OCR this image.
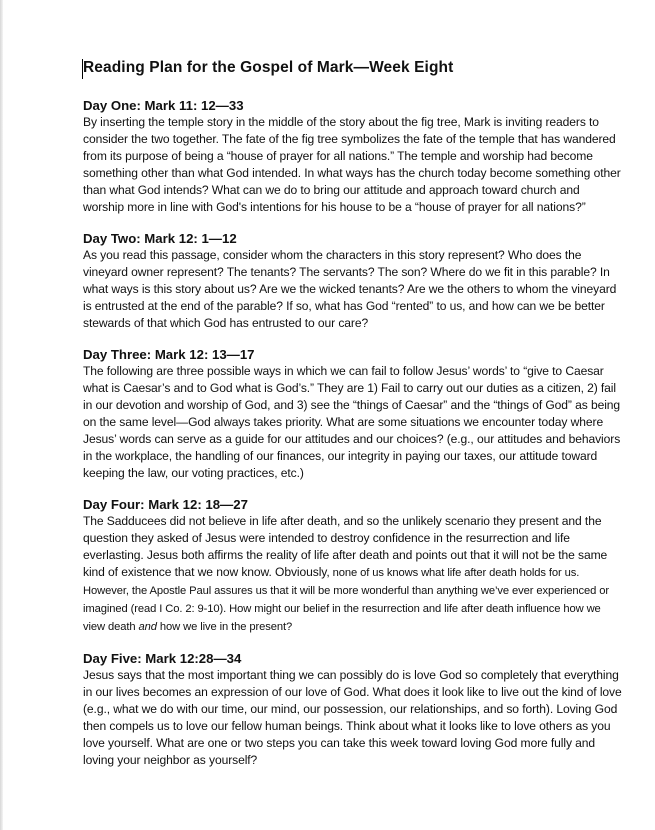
Reading Plan for the Gospel of Mark—Week Eight

Day One: Mark 11: 12—33

By inserting the temple story in the middle of the story about the fig tree, Mark is inviting readers to consider the two together. The fate of the fig tree symbolizes the fate of the temple that has wandered from its purpose of being a “house of prayer for all nations.” The temple and worship had become something other than what God intended. In what ways has the church today become something other than what God intends? What can we do to bring our attitude and approach toward church and worship more in line with God's intentions for his house to be a “house of prayer for all nations?”

Day Two: Mark 12: 1—12

As you read this passage, consider whom the characters in this story represent? Who does the vineyard owner represent? The tenants? The servants? The son? Where do we fit in this parable? In what ways is this story about us? Are we the wicked tenants? Are we the others to whom the vineyard is entrusted at the end of the parable? If so, what has God “rented” to us, and how can we be better stewards of that which God has entrusted to our care?

Day Three: Mark 12: 13—17

The following are three possible ways in which we can fail to follow Jesus’ words’ to “give to Caesar what is Caesar’s and to God what is God’s.” They are 1) Fail to carry out our duties as a citizen, 2) fail in our devotion and worship of God, and 3) see the “things of Caesar” and the “things of God” as being on the same level—God always takes priority. What are some situations we encounter today where Jesus’ words can serve as a guide for our attitudes and our choices? (e.g., our attitudes and behaviors in the workplace, the handling of our finances, our integrity in paying our taxes, our attitude toward keeping the law, our voting practices, etc.)

Day Four: Mark 12: 18—27

The Sadducees did not believe in life after death, and so the unlikely scenario they present and the question they asked of Jesus were intended to destroy confidence in the resurrection and life everlasting. Jesus both affirms the reality of life after death and points out that it will not be the same kind of existence that we now know. Obviously, none of us knows what life after death holds for us. However, the Apostle Paul assures us that it will be more wonderful than anything we’ve ever experienced or imagined (read I Co. 2: 9-10). How might our belief in the resurrection and life after death influence how we view death and how we live in the present?

Day Five: Mark 12:28—34

Jesus says that the most important thing we can possibly do is love God so completely that everything in our lives becomes an expression of our love of God. What does it look like to live out the kind of love (e.g., what we do with our time, our mind, our possession, our relationships, and so forth). Loving God then compels us to love our fellow human beings. Think about what it looks like to love others as you love yourself. What are one or two steps you can take this week toward loving God more fully and loving your neighbor as yourself?
